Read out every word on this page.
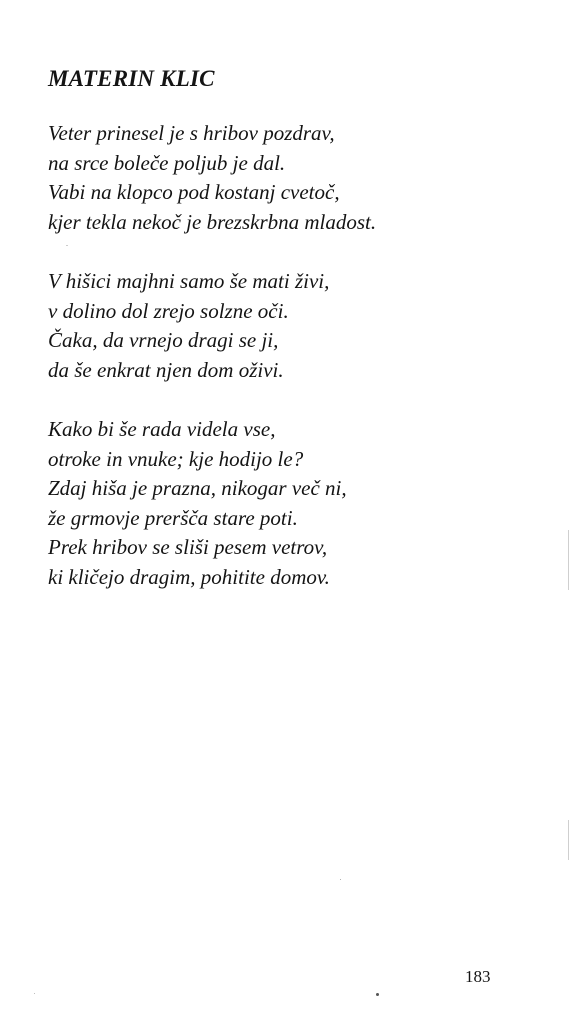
MATERIN KLIC
Veter prinesel je s hribov pozdrav,
na srce boleče poljub je dal.
Vabi na klopco pod kostanj cvetoč,
kjer tekla nekoč je brezskrbna mladost.
V hišici majhni samo še mati živi,
v dolino dol zrejo solzne oči.
Čaka, da vrnejo dragi se ji,
da še enkrat njen dom oživi.
Kako bi še rada videla vse,
otroke in vnuke; kje hodijo le?
Zdaj hiša je prazna, nikogar več ni,
že grmovje preršča stare poti.
Prek hribov se sliši pesem vetrov,
ki kličejo dragim, pohitite domov.
183
